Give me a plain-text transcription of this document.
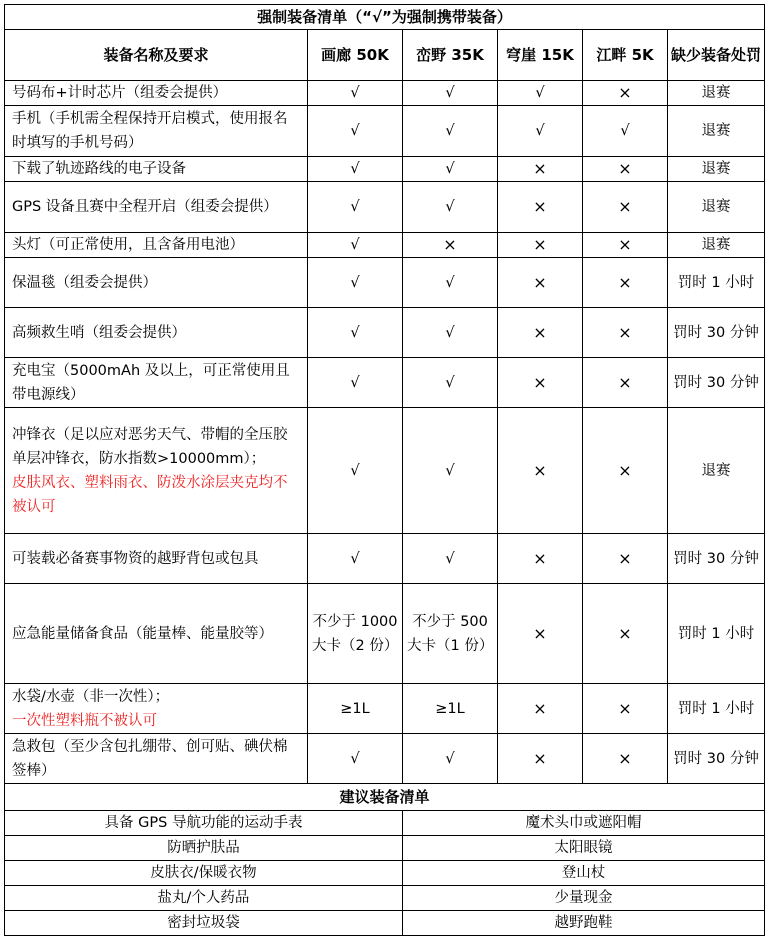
强制装备清单（“√”为强制携带装备）					
装备名称及要求	画廊 50K	峦野 35K	穹崖 15K	江畔 5K	缺少装备处罚
号码布+计时芯片（组委会提供）	√	√	√	×	退赛
手机（手机需全程保持开启模式，使用报名时填写的手机号码）	√	√	√	√	退赛
下载了轨迹路线的电子设备	√	√	×	×	退赛
GPS 设备且赛中全程开启（组委会提供）	√	√	×	×	退赛
头灯（可正常使用，且含备用电池）	√	×	×	×	退赛
保温毯（组委会提供）	√	√	×	×	罚时 1 小时
高频救生哨（组委会提供）	√	√	×	×	罚时 30 分钟
充电宝（5000mAh 及以上，可正常使用且带电源线）	√	√	×	×	罚时 30 分钟

冲锋衣（足以应对恶劣天气、带帽的全压胶单层冲锋衣，防水指数>10000mm）；
皮肤风衣、塑料雨衣、防泼水涂层夹克均不被认可	√	√	×	×	退赛
可装载必备赛事物资的越野背包或包具	√	√	×	×	罚时 30 分钟
应急能量储备食品（能量棒、能量胶等）	不少于 1000 大卡（2 份）	不少于 500 大卡（1 份）	×	×	罚时 1 小时

水袋/水壶（非一次性）；
一次性塑料瓶不被认可	≥1L	≥1L	×	×	罚时 1 小时
急救包（至少含包扎绷带、创可贴、碘伏棉签棒）	√	√	×	×	罚时 30 分钟
建议装备清单					
具备 GPS 导航功能的运动手表		魔术头巾或遮阳帽			
防晒护肤品		太阳眼镜			
皮肤衣/保暖衣物		登山杖			
盐丸/个人药品		少量现金			
密封垃圾袋		越野跑鞋			
